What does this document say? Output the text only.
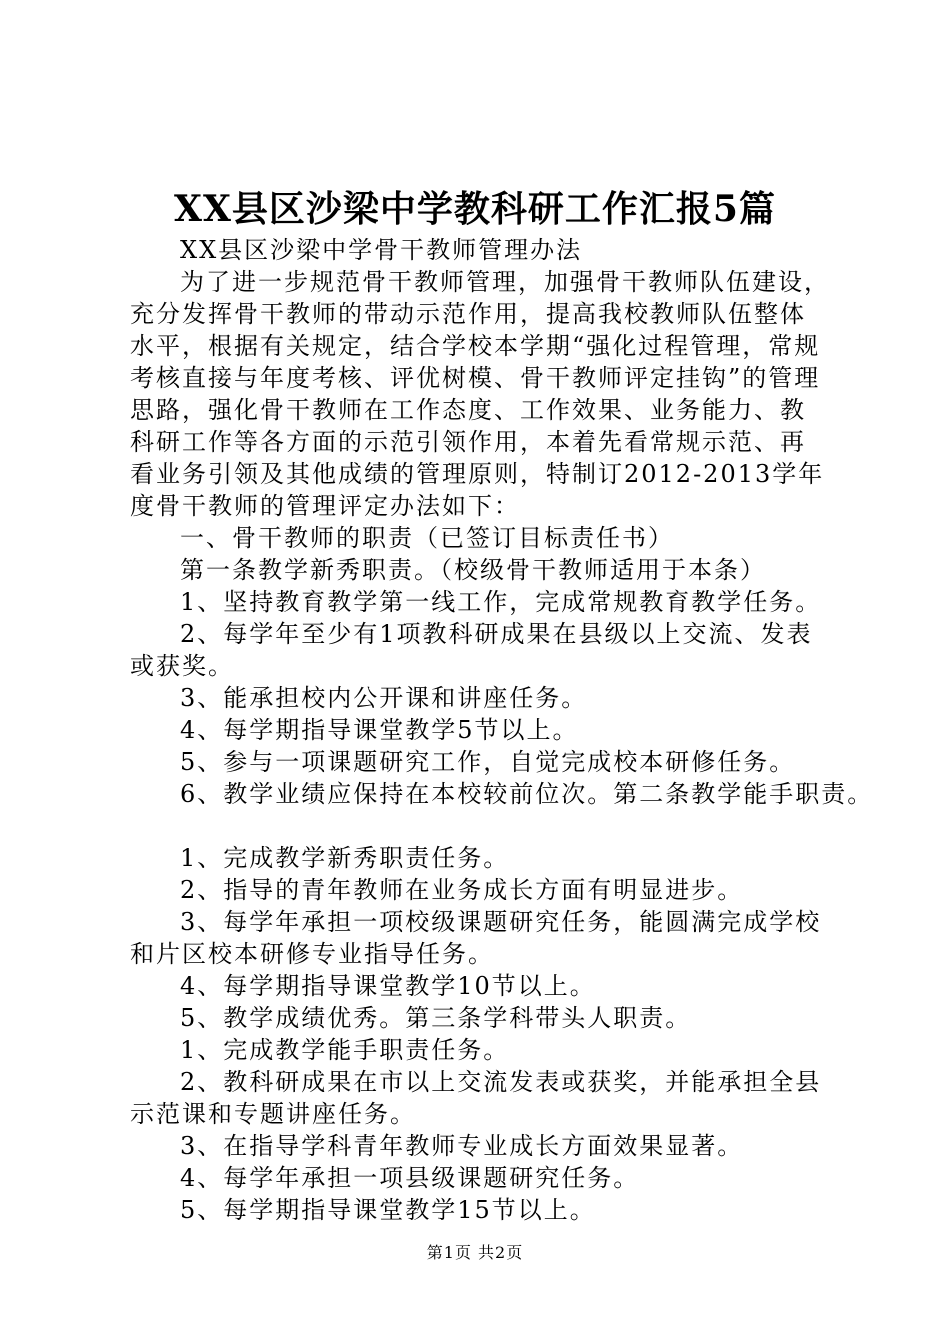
XX县区沙梁中学教科研工作汇报5篇

XX县区沙梁中学骨干教师管理办法

为了进一步规范骨干教师管理，加强骨干教师队伍建设，充分发挥骨干教师的带动示范作用，提高我校教师队伍整体水平，根据有关规定，结合学校本学期“强化过程管理，常规考核直接与年度考核、评优树模、骨干教师评定挂钩”的管理思路，强化骨干教师在工作态度、工作效果、业务能力、教科研工作等各方面的示范引领作用，本着先看常规示范、再看业务引领及其他成绩的管理原则，特制订2012-2013学年度骨干教师的管理评定办法如下：

一、骨干教师的职责（已签订目标责任书）

第一条教学新秀职责。（校级骨干教师适用于本条）

1、坚持教育教学第一线工作，完成常规教育教学任务。

2、每学年至少有1项教科研成果在县级以上交流、发表或获奖。

3、能承担校内公开课和讲座任务。

4、每学期指导课堂教学5节以上。

5、参与一项课题研究工作，自觉完成校本研修任务。

6、教学业绩应保持在本校较前位次。第二条教学能手职责。

1、完成教学新秀职责任务。

2、指导的青年教师在业务成长方面有明显进步。

3、每学年承担一项校级课题研究任务，能圆满完成学校和片区校本研修专业指导任务。

4、每学期指导课堂教学10节以上。

5、教学成绩优秀。第三条学科带头人职责。

1、完成教学能手职责任务。

2、教科研成果在市以上交流发表或获奖，并能承担全县示范课和专题讲座任务。

3、在指导学科青年教师专业成长方面效果显著。

4、每学年承担一项县级课题研究任务。

5、每学期指导课堂教学15节以上。

第1页 共2页
